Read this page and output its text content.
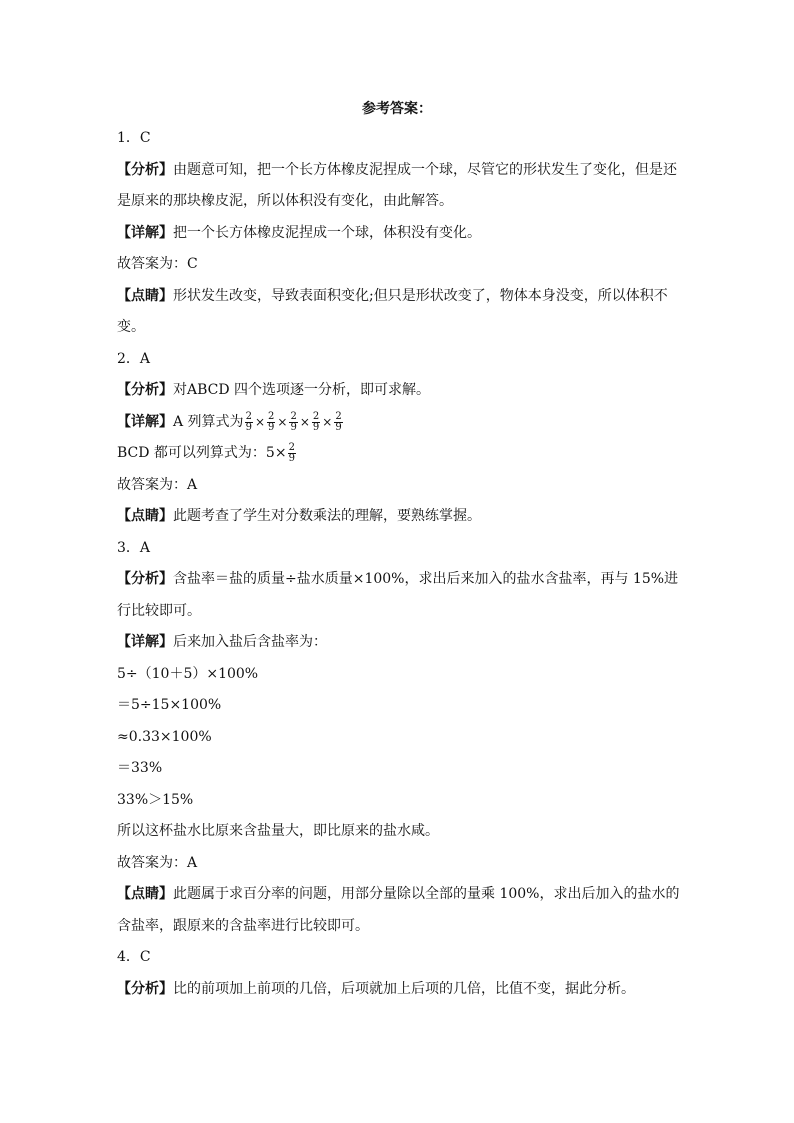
参考答案：
1．C
【分析】由题意可知，把一个长方体橡皮泥捏成一个球，尽管它的形状发生了变化，但是还是原来的那块橡皮泥，所以体积没有变化，由此解答。
【详解】把一个长方体橡皮泥捏成一个球，体积没有变化。
故答案为：C
【点睛】形状发生改变，导致表面积变化;但只是形状改变了，物体本身没变，所以体积不变。
2．A
【分析】对ABCD 四个选项逐一分析，即可求解。
【详解】 A 列算式为 $\frac{2}{9} \times \frac{2}{9} \times \frac{2}{9} \times \frac{2}{9} \times \frac{2}{9}$
BCD 都可以列算式为：$5\times \frac{2}{9}$
故答案为：A
【点睛】此题考查了学生对分数乘法的理解，要熟练掌握。
3．A
【分析】含盐率＝盐的质量÷盐水质量×100%，求出后来加入的盐水含盐率，再与 15%进行比较即可。
【详解】后来加入盐后含盐率为：
5÷（10＋5）×100%
＝5÷15×100%
≈0.33×100%
＝33%
33%＞15%
所以这杯盐水比原来含盐量大，即比原来的盐水咸。
故答案为：A
【点睛】此题属于求百分率的问题，用部分量除以全部的量乘 100%，求出后加入的盐水的含盐率，跟原来的含盐率进行比较即可。
4．C
【分析】比的前项加上前项的几倍，后项就加上后项的几倍，比值不变，据此分析。
